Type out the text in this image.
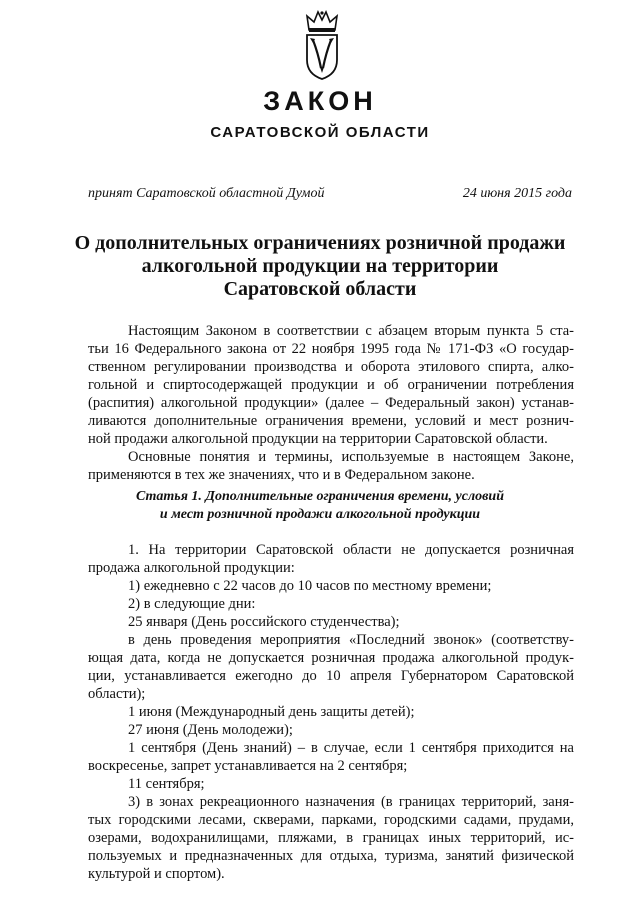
ЗАКОН
САРАТОВСКОЙ ОБЛАСТИ
принят Саратовской областной Думой	24 июня 2015 года
О дополнительных ограничениях розничной продажи
алкогольной продукции на территории
Саратовской области
Настоящим Законом в соответствии с абзацем вторым пункта 5 ста-
тьи 16 Федерального закона от 22 ноября 1995 года № 171-ФЗ «О государ-
ственном регулировании производства и оборота этилового спирта, алко-
гольной и спиртосодержащей продукции и об ограничении потребления
(распития) алкогольной продукции» (далее – Федеральный закон) устанав-
ливаются дополнительные ограничения времени, условий и мест рознич-
ной продажи алкогольной продукции на территории Саратовской области.
Основные понятия и термины, используемые в настоящем Законе,
применяются в тех же значениях, что и в Федеральном законе.
Статья 1. Дополнительные ограничения времени, условий
и мест розничной продажи алкогольной продукции
1. На территории Саратовской области не допускается розничная
продажа алкогольной продукции:
1) ежедневно с 22 часов до 10 часов по местному времени;
2) в следующие дни:
25 января (День российского студенчества);
в день проведения мероприятия «Последний звонок» (соответству-
ющая дата, когда не допускается розничная продажа алкогольной продук-
ции, устанавливается ежегодно до 10 апреля Губернатором Саратовской
области);
1 июня (Международный день защиты детей);
27 июня (День молодежи);
1 сентября (День знаний) – в случае, если 1 сентября приходится на
воскресенье, запрет устанавливается на 2 сентября;
11 сентября;
3) в зонах рекреационного назначения (в границах территорий, заня-
тых городскими лесами, скверами, парками, городскими садами, прудами,
озерами, водохранилищами, пляжами, в границах иных территорий, ис-
пользуемых и предназначенных для отдыха, туризма, занятий физической
культурой и спортом).
